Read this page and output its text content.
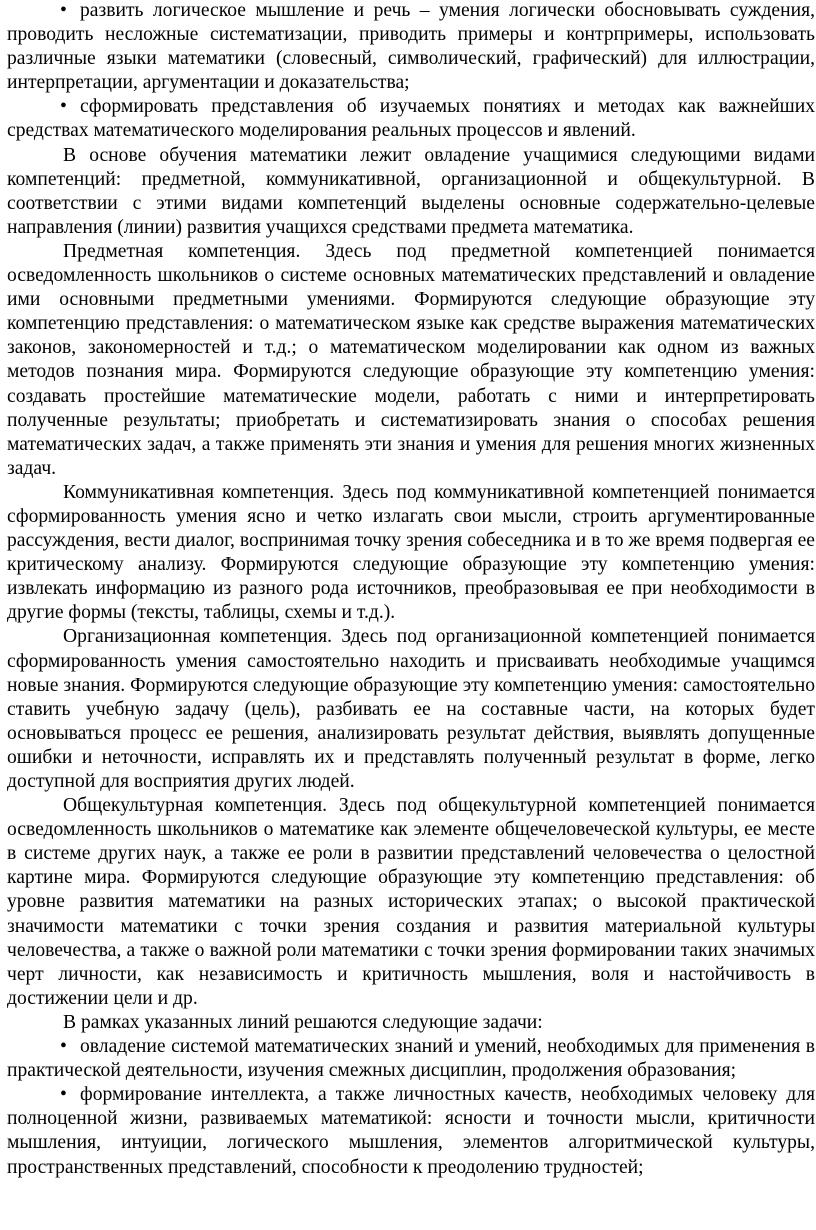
• развить логическое мышление и речь – умения логически обосновывать суждения, проводить несложные систематизации, приводить примеры и контрпримеры, использовать различные языки математики (словесный, символический, графический) для иллюстрации, интерпретации, аргументации и доказательства;

• сформировать представления об изучаемых понятиях и методах как важнейших средствах математического моделирования реальных процессов и явлений.

В основе обучения математики лежит овладение учащимися следующими видами компетенций: предметной, коммуникативной, организационной и общекультурной. В соответствии с этими видами компетенций выделены основные содержательно-целевые направления (линии) развития учащихся средствами предмета математика.

Предметная компетенция. Здесь под предметной компетенцией понимается осведомленность школьников о системе основных математических представлений и овладение ими основными предметными умениями. Формируются следующие образующие эту компетенцию представления: о математическом языке как средстве выражения математических законов, закономерностей и т.д.; о математическом моделировании как одном из важных методов познания мира. Формируются следующие образующие эту компетенцию умения: создавать простейшие математические модели, работать с ними и интерпретировать полученные результаты; приобретать и систематизировать знания о способах решения математических задач, а также применять эти знания и умения для решения многих жизненных задач.

Коммуникативная компетенция. Здесь под коммуникативной компетенцией понимается сформированность умения ясно и четко излагать свои мысли, строить аргументированные рассуждения, вести диалог, воспринимая точку зрения собеседника и в то же время подвергая ее критическому анализу. Формируются следующие образующие эту компетенцию умения: извлекать информацию из разного рода источников, преобразовывая ее при необходимости в другие формы (тексты, таблицы, схемы и т.д.).

Организационная компетенция. Здесь под организационной компетенцией понимается сформированность умения самостоятельно находить и присваивать необходимые учащимся новые знания. Формируются следующие образующие эту компетенцию умения: самостоятельно ставить учебную задачу (цель), разбивать ее на составные части, на которых будет основываться процесс ее решения, анализировать результат действия, выявлять допущенные ошибки и неточности, исправлять их и представлять полученный результат в форме, легко доступной для восприятия других людей.

Общекультурная компетенция. Здесь под общекультурной компетенцией понимается осведомленность школьников о математике как элементе общечеловеческой культуры, ее месте в системе других наук, а также ее роли в развитии представлений человечества о целостной картине мира. Формируются следующие образующие эту компетенцию представления: об уровне развития математики на разных исторических этапах; о высокой практической значимости математики с точки зрения создания и развития материальной культуры человечества, а также о важной роли математики с точки зрения формировании таких значимых черт личности, как независимость и критичность мышления, воля и настойчивость в достижении цели и др.

В рамках указанных линий решаются следующие задачи:

• овладение системой математических знаний и умений, необходимых для применения в практической деятельности, изучения смежных дисциплин, продолжения образования;

• формирование интеллекта, а также личностных качеств, необходимых человеку для полноценной жизни, развиваемых математикой: ясности и точности мысли, критичности мышления, интуиции, логического мышления, элементов алгоритмической культуры, пространственных представлений, способности к преодолению трудностей;
